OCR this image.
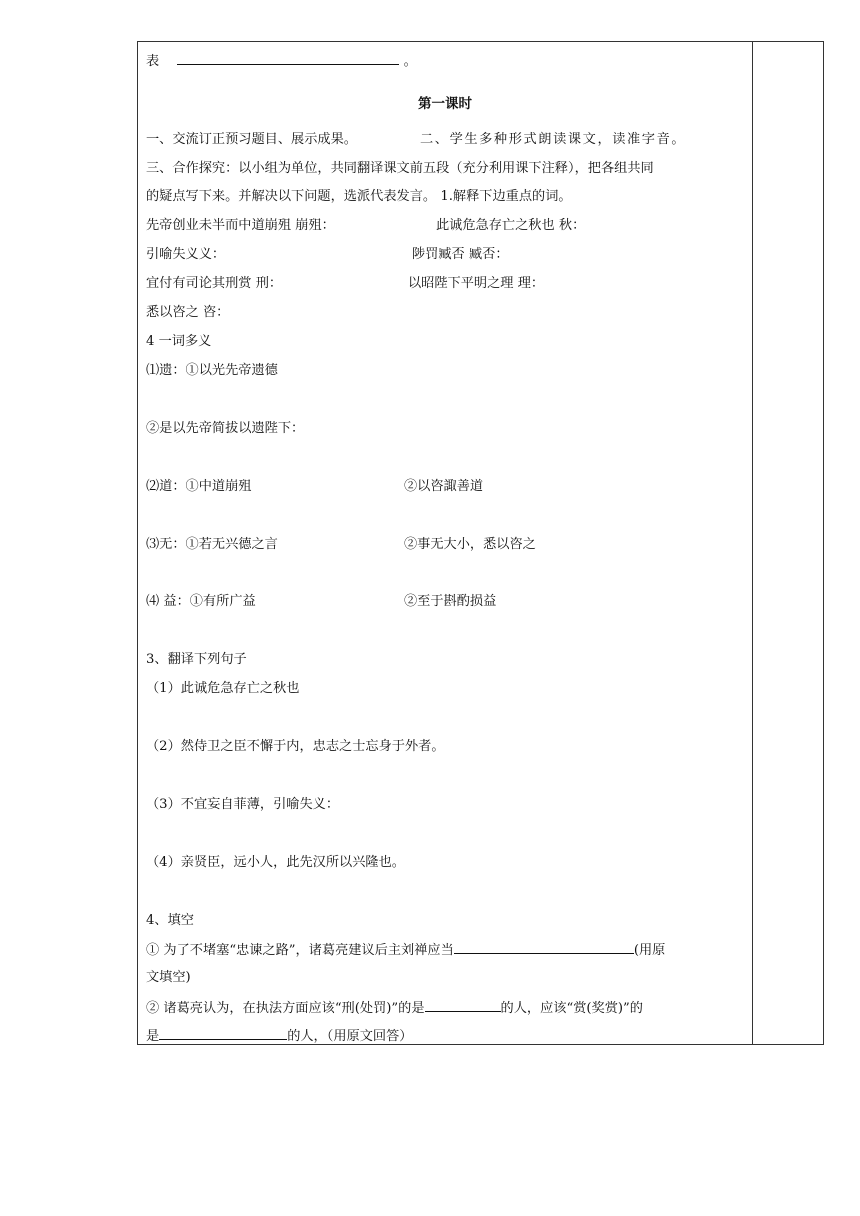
表	。
第一课时
一、交流订正预习题目、展示成果。	二、学生多种形式朗读课文，读准字音。
三、合作探究：以小组为单位，共同翻译课文前五段（充分利用课下注释），把各组共同
的疑点写下来。并解决以下问题，选派代表发言。 1.解释下边重点的词。
先帝创业未半而中道崩殂 崩殂：	此诚危急存亡之秋也 秋：
引喻失义义：	陟罚臧否 臧否：
宜付有司论其刑赏 刑：	以昭陛下平明之理 理：
悉以咨之 咨：
4 一词多义
⑴遗：①以光先帝遗德
②是以先帝简拔以遗陛下：
⑵道：①中道崩殂	②以咨諏善道
⑶无：①若无兴德之言	②事无大小，悉以咨之
⑷ 益：①有所广益	②至于斟酌损益
3、翻译下列句子
（1）此诚危急存亡之秋也
（2）然侍卫之臣不懈于内，忠志之士忘身于外者。
（3）不宜妄自菲薄，引喻失义：
（4）亲贤臣，远小人，此先汉所以兴隆也。
4、填空
① 为了不堵塞“忠谏之路”，诸葛亮建议后主刘禅应当	(用原
文填空)
② 诸葛亮认为，在执法方面应该“刑(处罚)”的是	的人，应该“赏(奖赏)”的
是	的人，（用原文回答）
